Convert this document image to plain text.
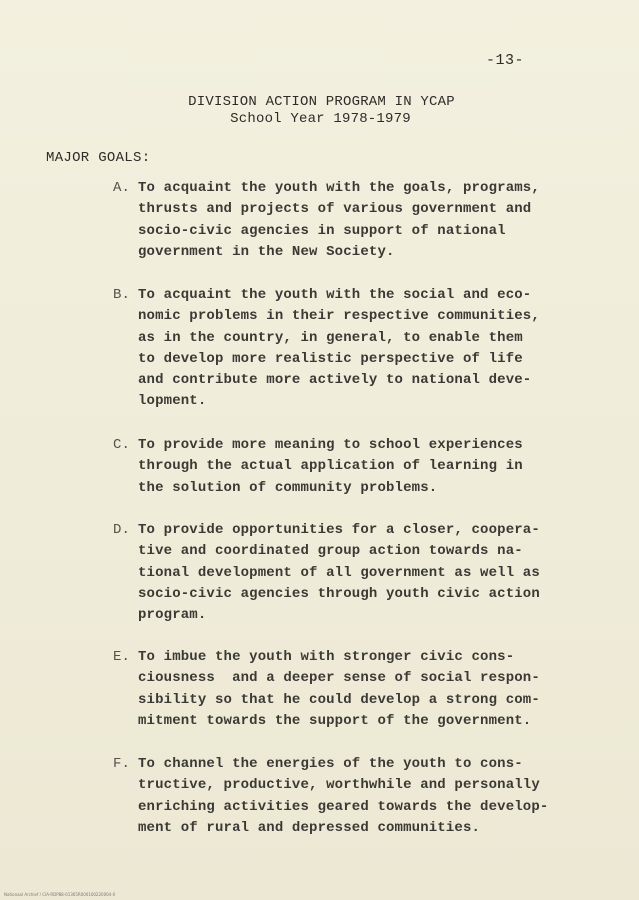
-13-
DIVISION ACTION PROGRAM IN YCAP
School Year 1978-1979
MAJOR GOALS:
A. To acquaint the youth with the goals, programs,
thrusts and projects of various government and
socio-civic agencies in support of national
government in the New Society.
B. To acquaint the youth with the social and eco-
nomic problems in their respective communities,
as in the country, in general, to enable them
to develop more realistic perspective of life
and contribute more actively to national deve-
lopment.
C. To provide more meaning to school experiences
through the actual application of learning in
the solution of community problems.
D. To provide opportunities for a closer, coopera-
tive and coordinated group action towards na-
tional development of all government as well as
socio-civic agencies through youth civic action
program.
E. To imbue the youth with stronger civic cons-
ciousness  and a deeper sense of social respon-
sibility so that he could develop a strong com-
mitment towards the support of the government.
F. To channel the energies of the youth to cons-
tructive, productive, worthwhile and personally
enriching activities geared towards the develop-
ment of rural and depressed communities.
Nationaal Archief / CIA-RDP88-01365R000100220004-0
